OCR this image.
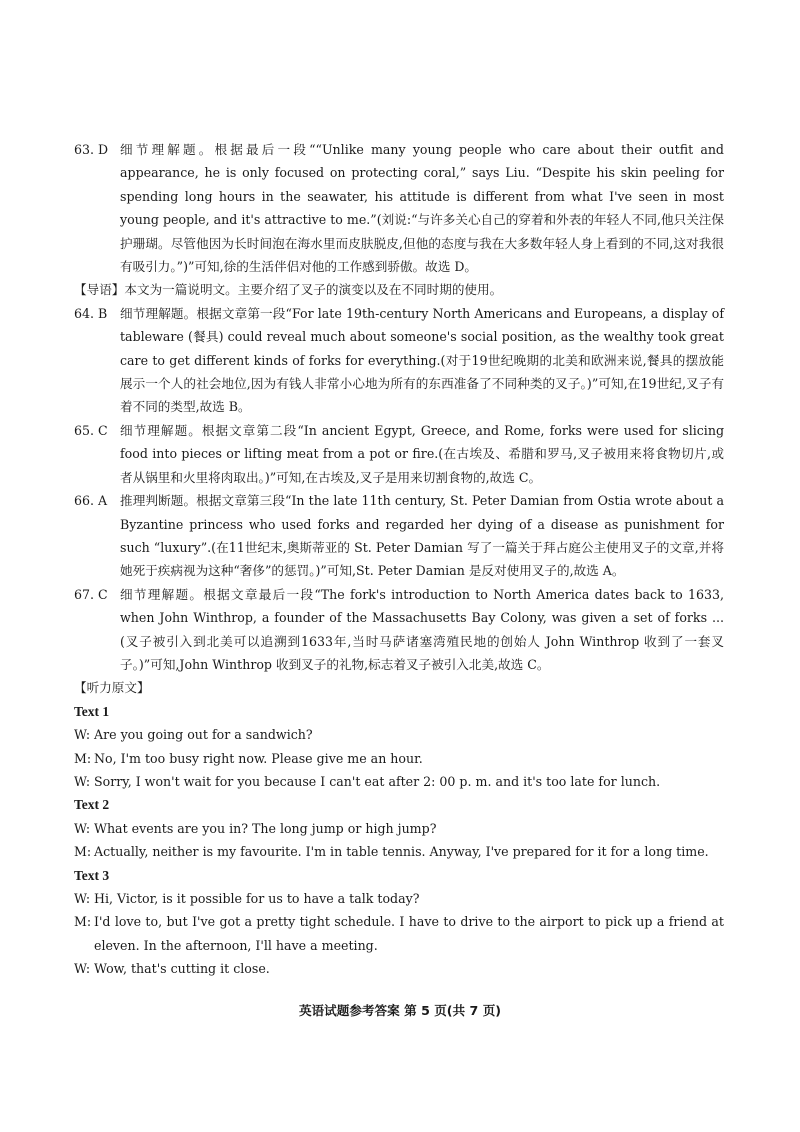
63. D 细节理解题。根据最后一段““Unlike many young people who care about their outfit and appearance, he is only focused on protecting coral,” says Liu. “Despite his skin peeling for spending long hours in the seawater, his attitude is different from what I've seen in most young people, and it's attractive to me.”(刘说:“与许多关心自己的穿着和外表的年轻人不同,他只关注保护珊瑚。尽管他因为长时间泡在海水里而皮肤脱皮,但他的态度与我在大多数年轻人身上看到的不同,这对我很有吸引力。”)”可知,徐的生活伴侣对他的工作感到骄傲。故选 D。

【导语】本文为一篇说明文。主要介绍了叉子的演变以及在不同时期的使用。

64. B 细节理解题。根据文章第一段“For late 19th-century North Americans and Europeans, a display of tableware (餐具) could reveal much about someone's social position, as the wealthy took great care to get different kinds of forks for everything.(对于19世纪晚期的北美和欧洲来说,餐具的摆放能展示一个人的社会地位,因为有钱人非常小心地为所有的东西准备了不同种类的叉子。)”可知,在19世纪,叉子有着不同的类型,故选 B。

65. C 细节理解题。根据文章第二段“In ancient Egypt, Greece, and Rome, forks were used for slicing food into pieces or lifting meat from a pot or fire.(在古埃及、希腊和罗马,叉子被用来将食物切片,或者从锅里和火里将肉取出。)”可知,在古埃及,叉子是用来切割食物的,故选 C。

66. A 推理判断题。根据文章第三段“In the late 11th century, St. Peter Damian from Ostia wrote about a Byzantine princess who used forks and regarded her dying of a disease as punishment for such “luxury”.(在11世纪末,奥斯蒂亚的 St. Peter Damian 写了一篇关于拜占庭公主使用叉子的文章,并将她死于疾病视为这种“奢侈”的惩罚。)”可知,St. Peter Damian 是反对使用叉子的,故选 A。

67. C 细节理解题。根据文章最后一段“The fork's introduction to North America dates back to 1633, when John Winthrop, a founder of the Massachusetts Bay Colony, was given a set of forks ...(叉子被引入到北美可以追溯到1633年,当时马萨诸塞湾殖民地的创始人 John Winthrop 收到了一套叉子。)”可知,John Winthrop 收到叉子的礼物,标志着叉子被引入北美,故选 C。

【听力原文】

Text 1

W: Are you going out for a sandwich?

M: No, I'm too busy right now. Please give me an hour.

W: Sorry, I won't wait for you because I can't eat after 2: 00 p. m. and it's too late for lunch.

Text 2

W: What events are you in? The long jump or high jump?

M: Actually, neither is my favourite. I'm in table tennis. Anyway, I've prepared for it for a long time.

Text 3

W: Hi, Victor, is it possible for us to have a talk today?

M: I'd love to, but I've got a pretty tight schedule. I have to drive to the airport to pick up a friend at eleven. In the afternoon, I'll have a meeting.

W: Wow, that's cutting it close.

英语试题参考答案 第 5 页(共 7 页)
